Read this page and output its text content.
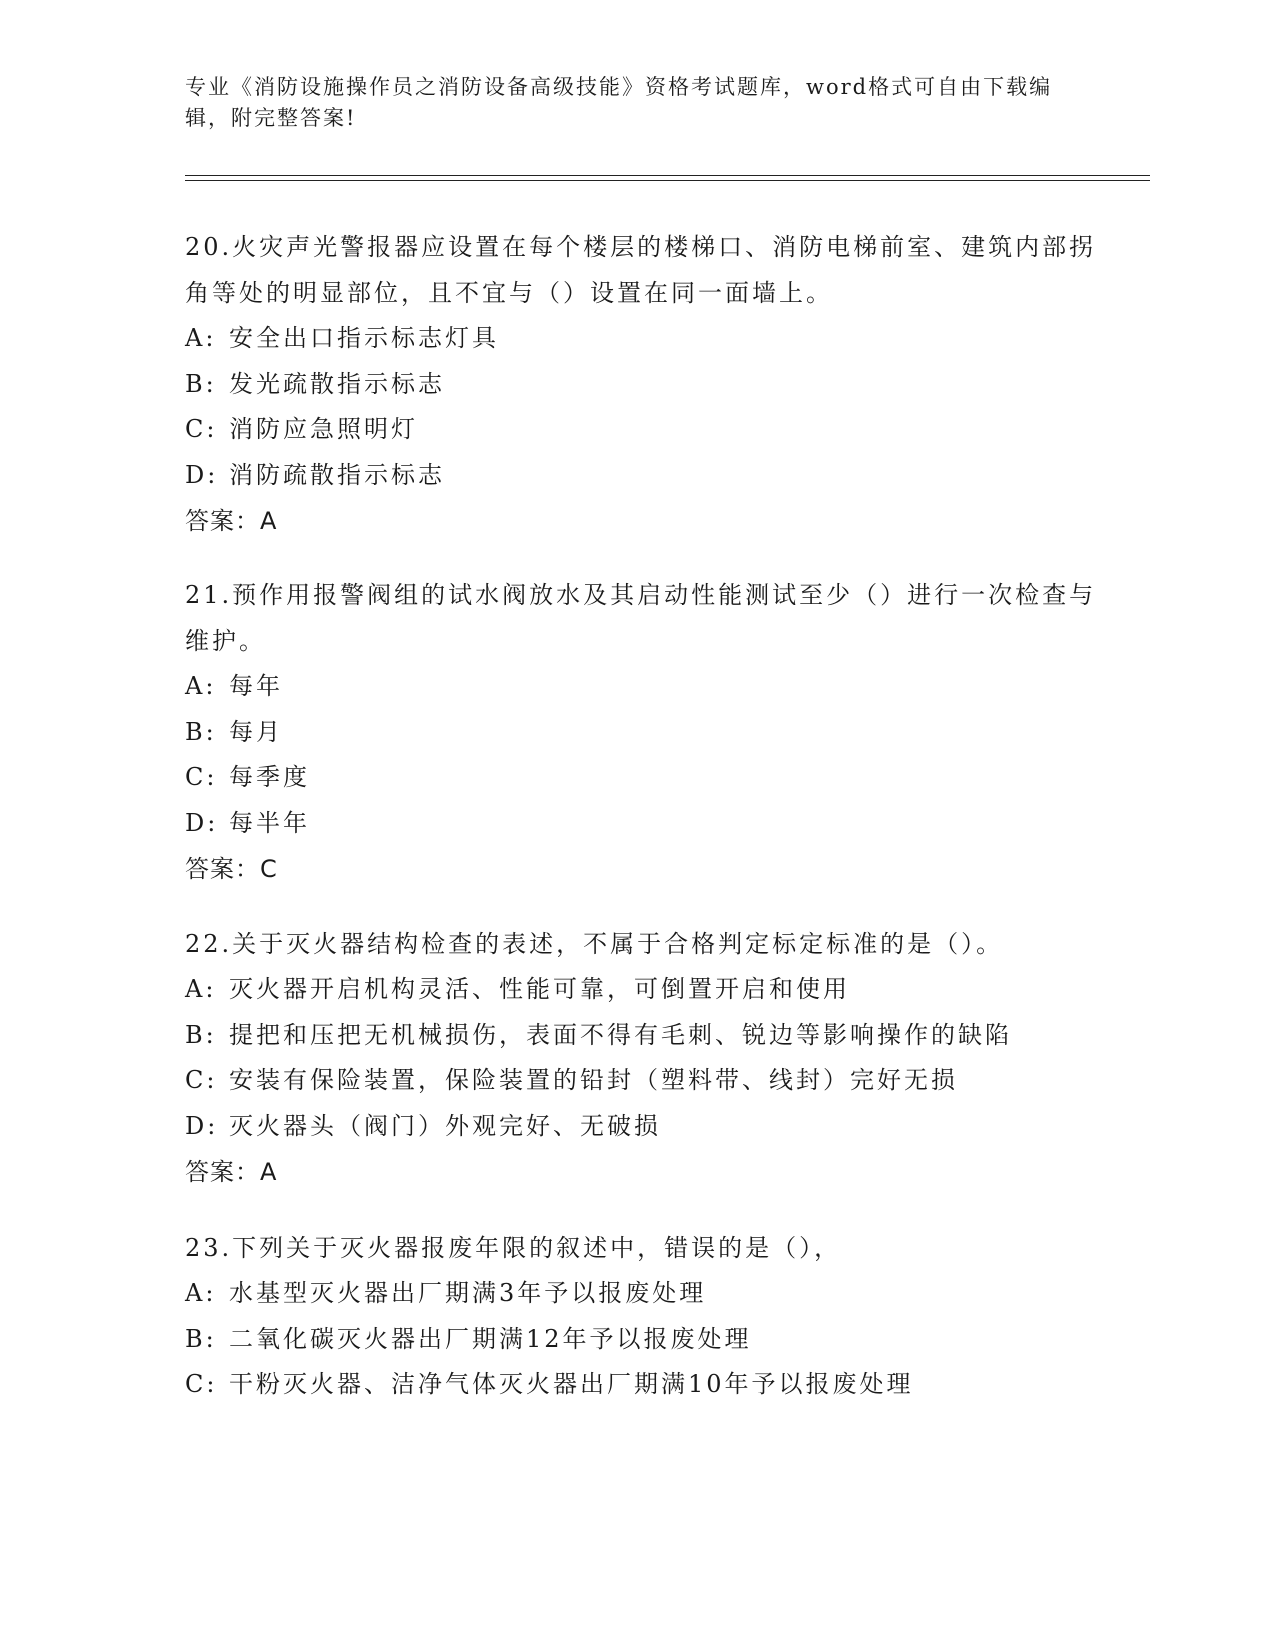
专业《消防设施操作员之消防设备高级技能》资格考试题库，word格式可自由下载编辑，附完整答案!

20.火灾声光警报器应设置在每个楼层的楼梯口、消防电梯前室、建筑内部拐角等处的明显部位，且不宜与（）设置在同一面墙上。

A: 安全出口指示标志灯具

B: 发光疏散指示标志

C: 消防应急照明灯

D: 消防疏散指示标志

答案：A

21.预作用报警阀组的试水阀放水及其启动性能测试至少（）进行一次检查与维护。

A: 每年

B: 每月

C: 每季度

D: 每半年

答案：C

22.关于灭火器结构检查的表述，不属于合格判定标定标准的是（）。

A: 灭火器开启机构灵活、性能可靠，可倒置开启和使用

B: 提把和压把无机械损伤，表面不得有毛刺、锐边等影响操作的缺陷

C: 安装有保险装置，保险装置的铅封（塑料带、线封）完好无损

D: 灭火器头（阀门）外观完好、无破损

答案：A

23.下列关于灭火器报废年限的叙述中，错误的是（），

A: 水基型灭火器出厂期满3年予以报废处理

B: 二氧化碳灭火器出厂期满12年予以报废处理

C: 干粉灭火器、洁净气体灭火器出厂期满10年予以报废处理
